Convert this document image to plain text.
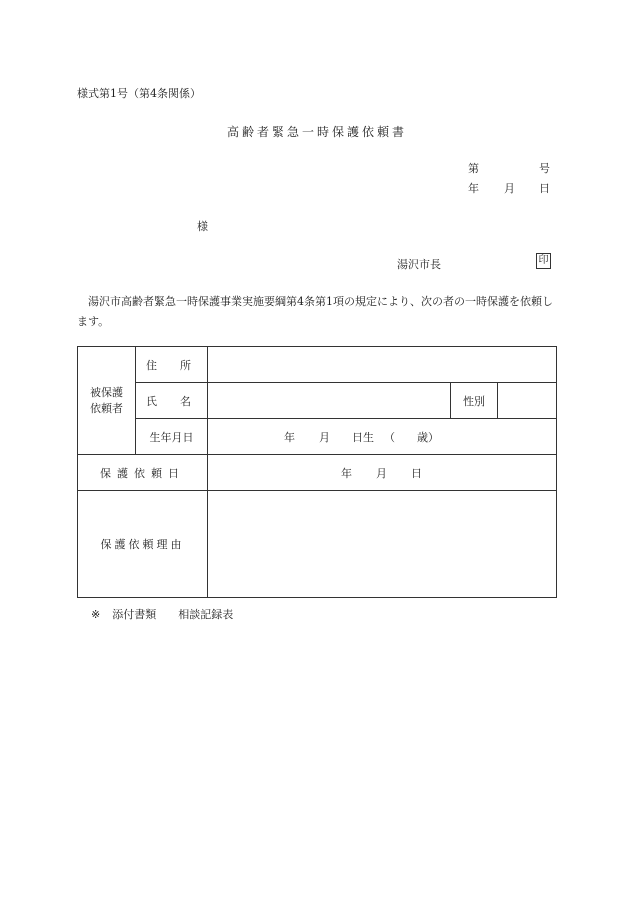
様式第1号（第4条関係）
高齢者緊急一時保護依頼書
第	号
年 月 日
様
湯沢市長	印
　湯沢市高齢者緊急一時保護事業実施要綱第4条第1項の規定により、次の者の一時保護を依頼します。
被保護依頼者	住　所			
	氏　名		性別	
	生年月日	年 月 日生 （ 歳）		
保護依頼日		年 月 日		
保護依頼理由				
※ 添付書類 相談記録表
